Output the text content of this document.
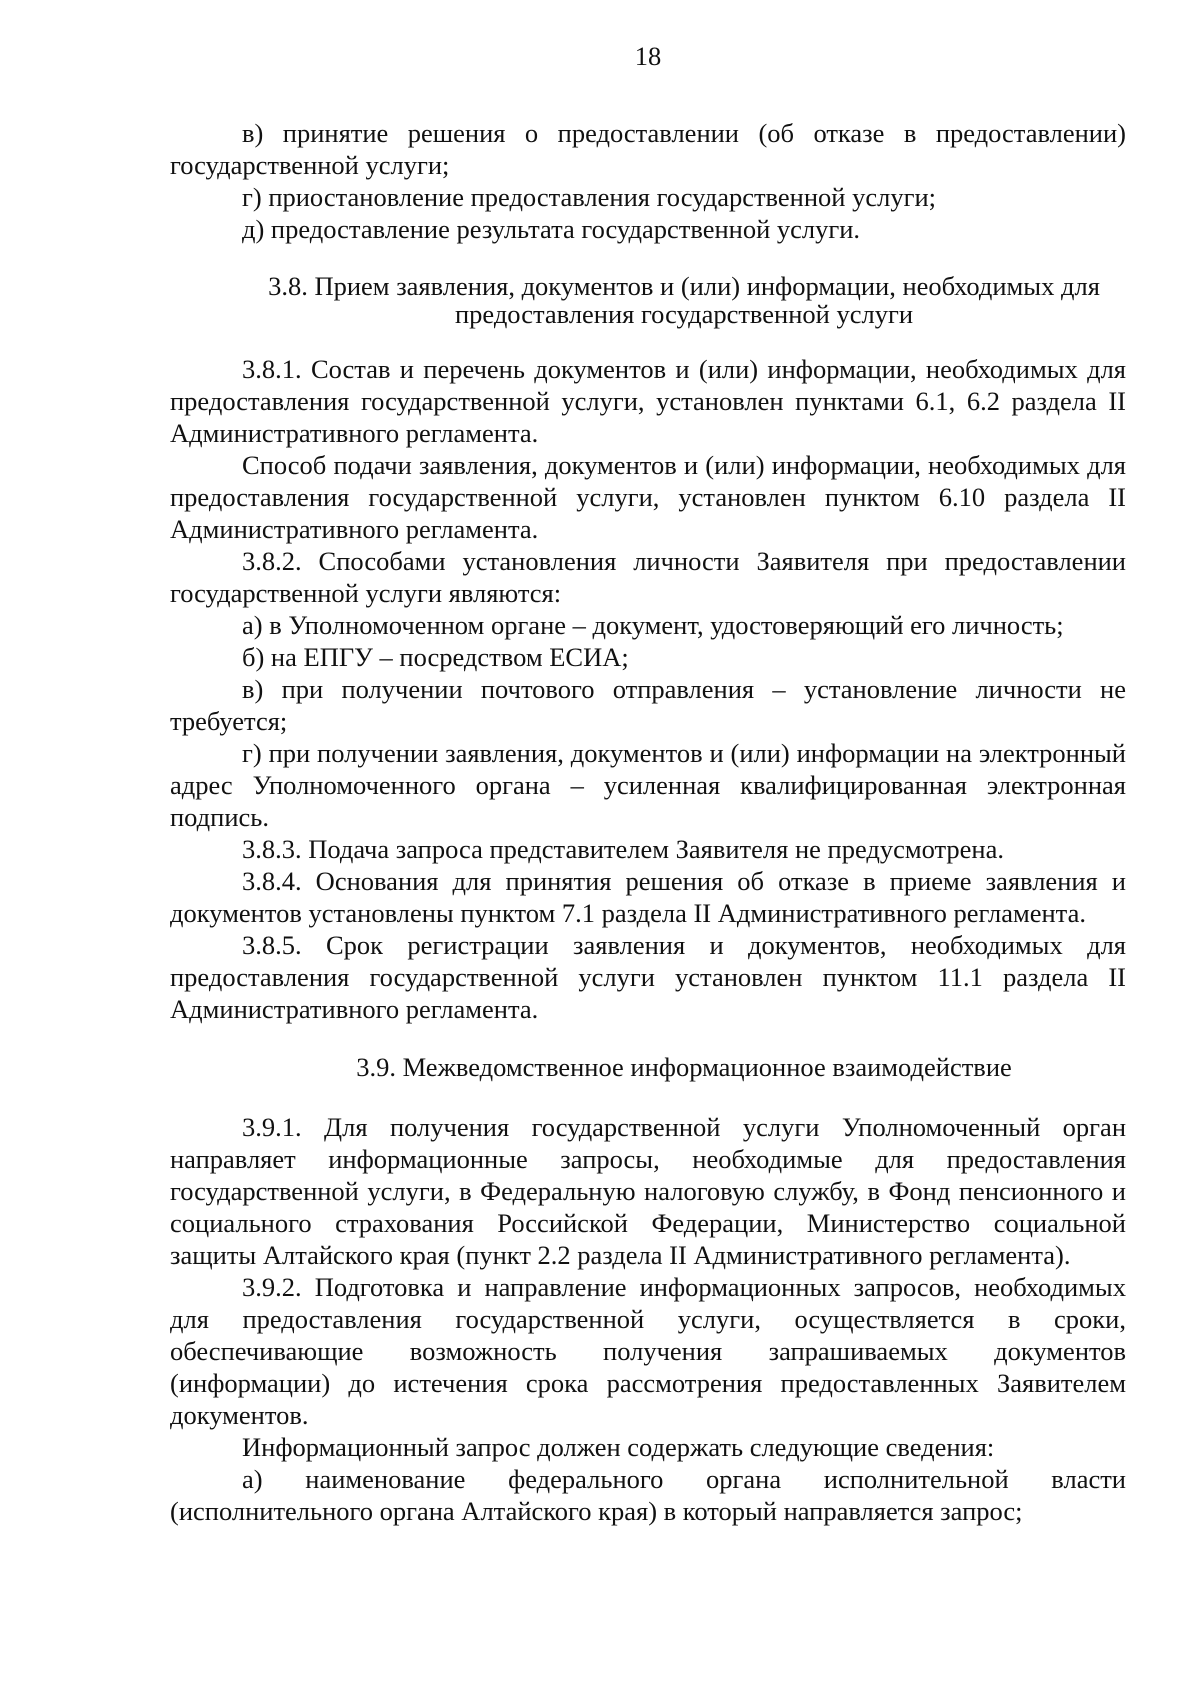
18

в) принятие решения о предоставлении (об отказе в предоставлении) государственной услуги;

г) приостановление предоставления государственной услуги;

д) предоставление результата государственной услуги.

3.8. Прием заявления, документов и (или) информации, необходимых для
предоставления государственной услуги

3.8.1. Состав и перечень документов и (или) информации, необходимых для предоставления государственной услуги, установлен пунктами 6.1, 6.2 раздела II Административного регламента.

Способ подачи заявления, документов и (или) информации, необходимых для предоставления государственной услуги, установлен пунктом 6.10 раздела II Административного регламента.

3.8.2. Способами установления личности Заявителя при предоставлении государственной услуги являются:

а) в Уполномоченном органе – документ, удостоверяющий его личность;

б) на ЕПГУ – посредством ЕСИА;

в) при получении почтового отправления – установление личности не требуется;

г) при получении заявления, документов и (или) информации на электронный адрес Уполномоченного органа – усиленная квалифицированная электронная подпись.

3.8.3. Подача запроса представителем Заявителя не предусмотрена.

3.8.4. Основания для принятия решения об отказе в приеме заявления и документов установлены пунктом 7.1 раздела II Административного регламента.

3.8.5. Срок регистрации заявления и документов, необходимых для предоставления государственной услуги установлен пунктом 11.1 раздела II Административного регламента.

3.9. Межведомственное информационное взаимодействие

3.9.1. Для получения государственной услуги Уполномоченный орган направляет информационные запросы, необходимые для предоставления государственной услуги, в Федеральную налоговую службу, в Фонд пенсионного и социального страхования Российской Федерации, Министерство социальной защиты Алтайского края (пункт 2.2 раздела II Административного регламента).

3.9.2. Подготовка и направление информационных запросов, необходимых для предоставления государственной услуги, осуществляется в сроки, обеспечивающие возможность получения запрашиваемых документов (информации) до истечения срока рассмотрения предоставленных Заявителем документов.

Информационный запрос должен содержать следующие сведения:

а) наименование федерального органа исполнительной власти (исполнительного органа Алтайского края) в который направляется запрос;
